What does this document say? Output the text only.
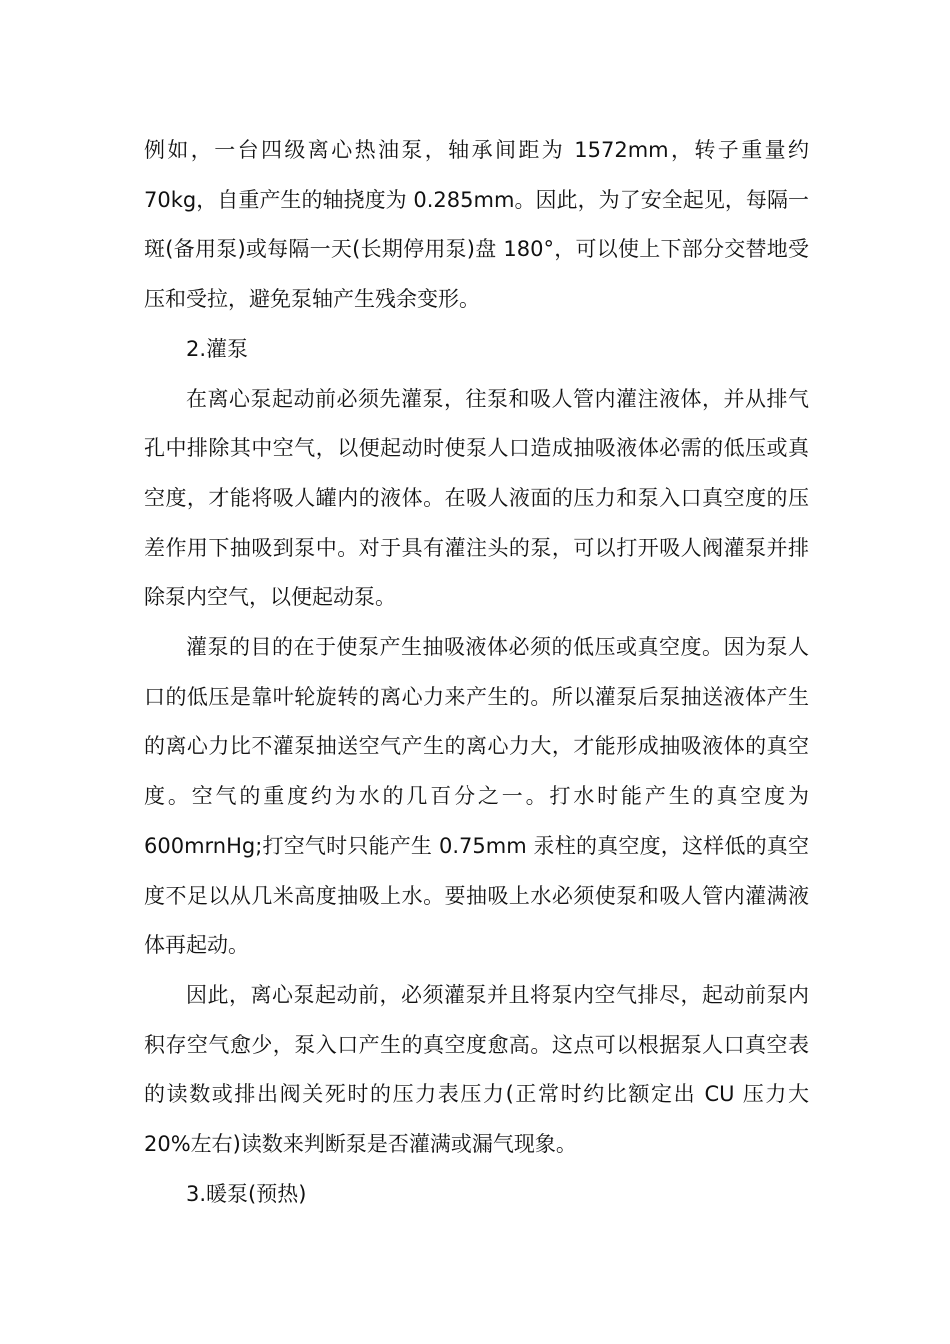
例如，一台四级离心热油泵，轴承间距为 1572mm，转子重量约 70kg，自重产生的轴挠度为 0.285mm。因此，为了安全起见，每隔一斑(备用泵)或每隔一天(长期停用泵)盘 180°，可以使上下部分交替地受压和受拉，避免泵轴产生残余变形。

2.灌泵

在离心泵起动前必须先灌泵，往泵和吸人管内灌注液体，并从排气孔中排除其中空气，以便起动时使泵人口造成抽吸液体必需的低压或真空度，才能将吸人罐内的液体。在吸人液面的压力和泵入口真空度的压差作用下抽吸到泵中。对于具有灌注头的泵，可以打开吸人阀灌泵并排除泵内空气，以便起动泵。

灌泵的目的在于使泵产生抽吸液体必须的低压或真空度。因为泵人口的低压是靠叶轮旋转的离心力来产生的。所以灌泵后泵抽送液体产生的离心力比不灌泵抽送空气产生的离心力大，才能形成抽吸液体的真空度。空气的重度约为水的几百分之一。打水时能产生的真空度为 600mrnHg;打空气时只能产生 0.75mm 汞柱的真空度，这样低的真空度不足以从几米高度抽吸上水。要抽吸上水必须使泵和吸人管内灌满液体再起动。

因此，离心泵起动前，必须灌泵并且将泵内空气排尽，起动前泵内积存空气愈少，泵入口产生的真空度愈高。这点可以根据泵人口真空表的读数或排出阀关死时的压力表压力(正常时约比额定出 CU 压力大 20%左右)读数来判断泵是否灌满或漏气现象。

3.暖泵(预热)
